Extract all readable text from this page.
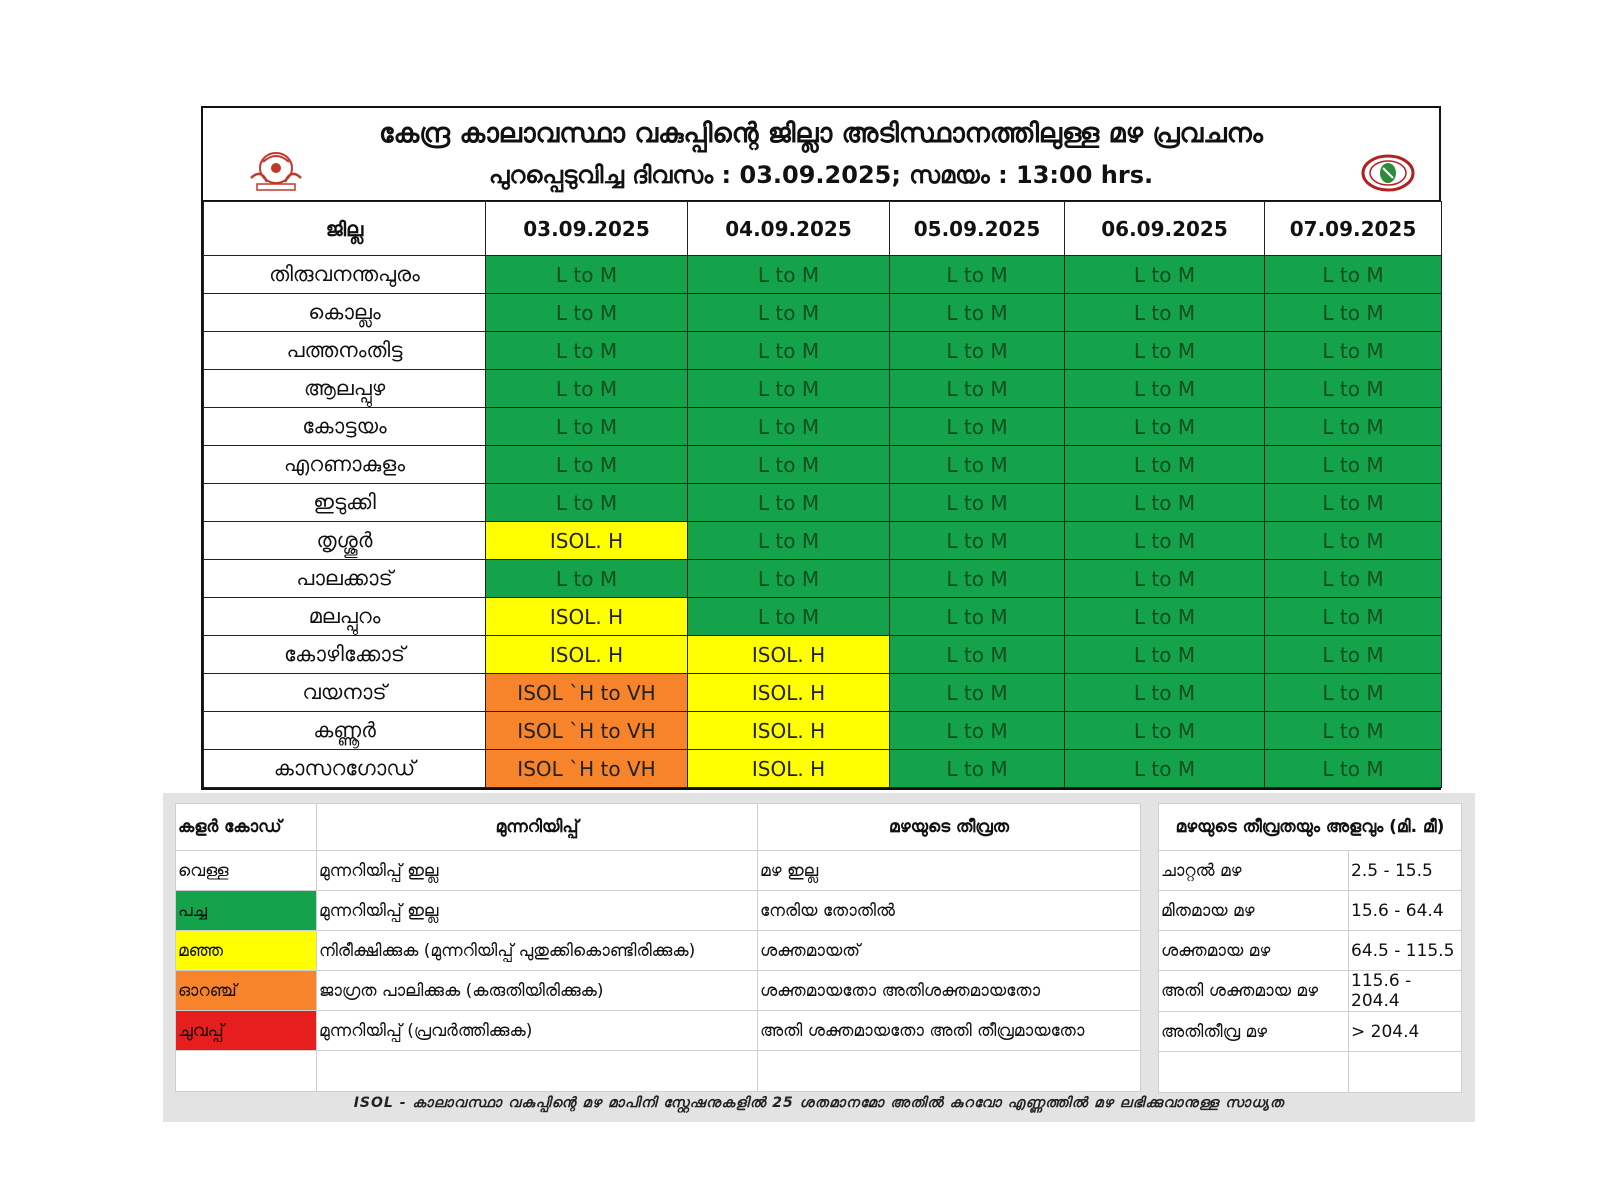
കേന്ദ്ര കാലാവസ്ഥാ വകുപ്പിന്റെ ജില്ലാ അടിസ്ഥാനത്തിലുള്ള മഴ പ്രവചനം
പുറപ്പെടുവിച്ച ദിവസം : 03.09.2025; സമയം : 13:00 hrs.
ജില്ല	03.09.2025	04.09.2025	05.09.2025	06.09.2025	07.09.2025
തിരുവനന്തപുരം	L to M	L to M	L to M	L to M	L to M
കൊല്ലം	L to M	L to M	L to M	L to M	L to M
പത്തനംതിട്ട	L to M	L to M	L to M	L to M	L to M
ആലപ്പുഴ	L to M	L to M	L to M	L to M	L to M
കോട്ടയം	L to M	L to M	L to M	L to M	L to M
എറണാകുളം	L to M	L to M	L to M	L to M	L to M
ഇടുക്കി	L to M	L to M	L to M	L to M	L to M
തൃശ്ശൂർ	ISOL. H	L to M	L to M	L to M	L to M
പാലക്കാട്	L to M	L to M	L to M	L to M	L to M
മലപ്പുറം	ISOL. H	L to M	L to M	L to M	L to M
കോഴിക്കോട്	ISOL. H	ISOL. H	L to M	L to M	L to M
വയനാട്	ISOL `H to VH	ISOL. H	L to M	L to M	L to M
കണ്ണൂർ	ISOL `H to VH	ISOL. H	L to M	L to M	L to M
കാസറഗോഡ്	ISOL `H to VH	ISOL. H	L to M	L to M	L to M
കളർ കോഡ്	മുന്നറിയിപ്പ്	മഴയുടെ തീവ്രത
വെള്ള	മുന്നറിയിപ്പ് ഇല്ല	മഴ ഇല്ല
പച്ച	മുന്നറിയിപ്പ് ഇല്ല	നേരിയ തോതിൽ
മഞ്ഞ	നിരീക്ഷിക്കുക (മുന്നറിയിപ്പ് പുതുക്കികൊണ്ടിരിക്കുക)	ശക്തമായത്
ഓറഞ്ച്	ജാഗ്രത പാലിക്കുക (കരുതിയിരിക്കുക)	ശക്തമായതോ അതിശക്തമായതോ
ചുവപ്പ്	മുന്നറിയിപ്പ് (പ്രവർത്തിക്കുക)	അതി ശക്തമായതോ അതി തീവ്രമായതോ

മഴയുടെ തീവ്രതയും അളവും (മി. മീ)	
ചാറ്റൽ മഴ	2.5 - 15.5
മിതമായ മഴ	15.6 - 64.4
ശക്തമായ മഴ	64.5 - 115.5
അതി ശക്തമായ മഴ	115.6 - 204.4
അതിതീവ്ര മഴ	> 204.4

ISOL - കാലാവസ്ഥാ വകുപ്പിന്റെ മഴ മാപിനി സ്റ്റേഷനുകളിൽ 25 ശതമാനമോ അതിൽ കുറവോ എണ്ണത്തിൽ മഴ ലഭിക്കുവാനുള്ള സാധ്യത
